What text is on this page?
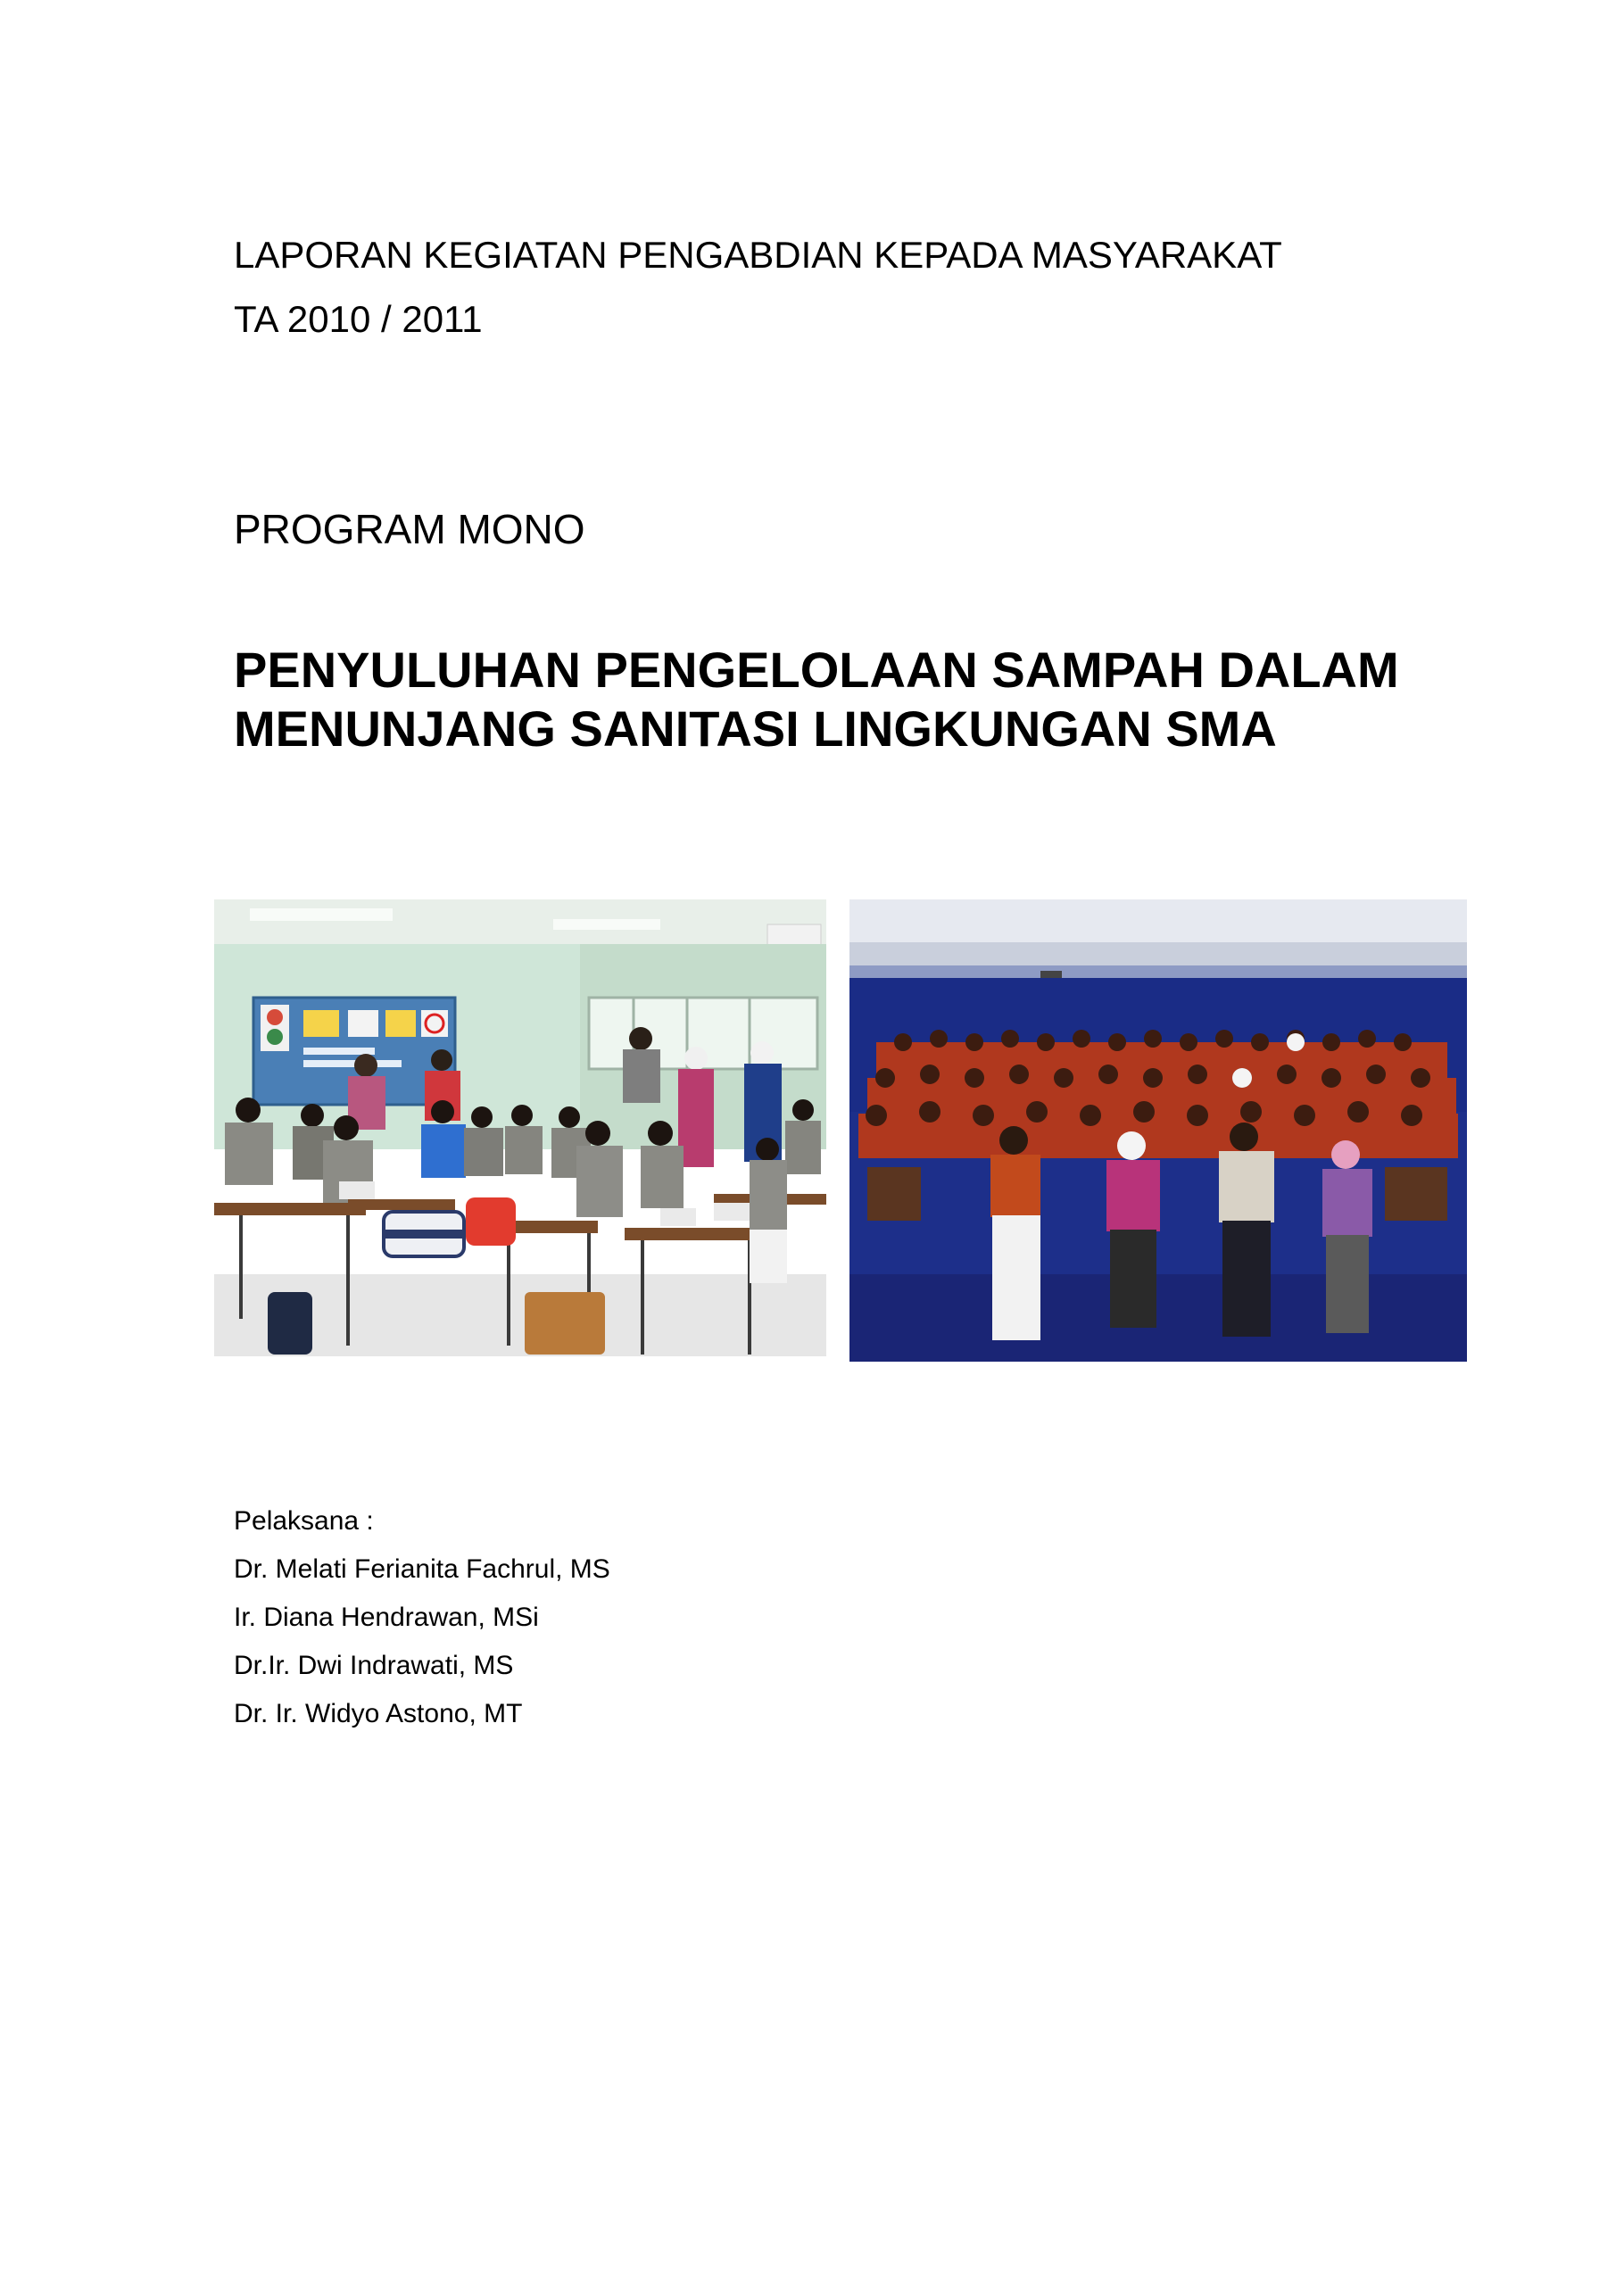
LAPORAN KEGIATAN PENGABDIAN KEPADA MASYARAKAT
TA 2010 / 2011
PROGRAM MONO
PENYULUHAN PENGELOLAAN SAMPAH DALAM
MENUNJANG SANITASI LINGKUNGAN SMA
Pelaksana :
Dr. Melati Ferianita Fachrul, MS
Ir. Diana Hendrawan, MSi
Dr.Ir. Dwi Indrawati, MS
Dr. Ir. Widyo Astono, MT
